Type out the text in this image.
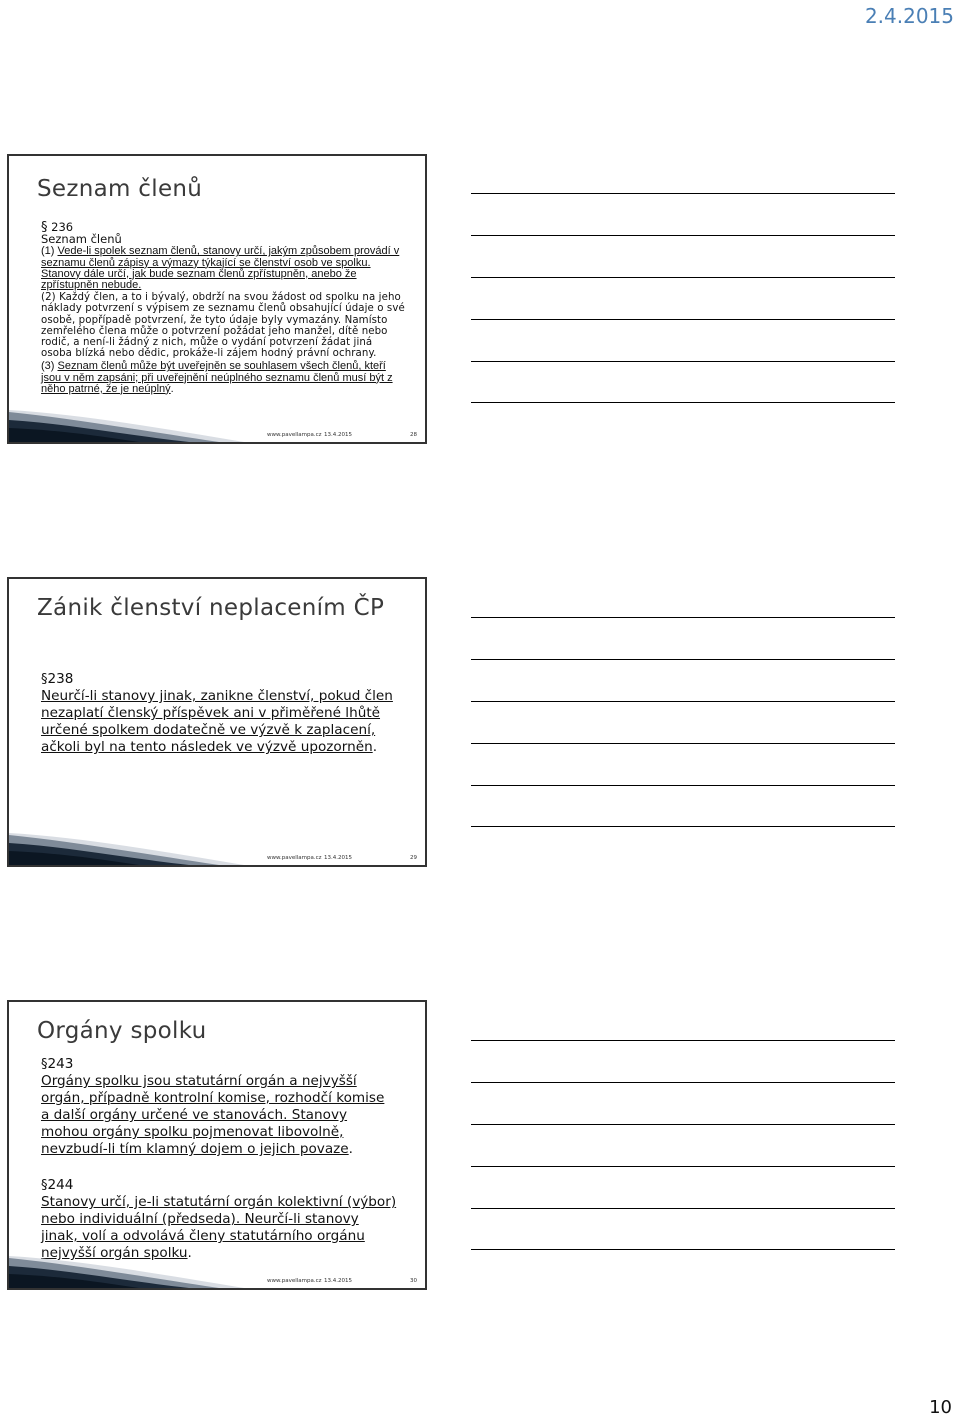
2.4.2015
Seznam členů

§ 236

Seznam členů

(1) Vede-li spolek seznam členů, stanovy určí, jakým způsobem provádí v seznamu členů zápisy a výmazy týkající se členství osob ve spolku. Stanovy dále určí, jak bude seznam členů zpřístupněn, anebo že zpřístupněn nebude.

(2) Každý člen, a to i bývalý, obdrží na svou žádost od spolku na jeho náklady potvrzení s výpisem ze seznamu členů obsahující údaje o své osobě, popřípadě potvrzení, že tyto údaje byly vymazány. Namísto zemřelého člena může o potvrzení požádat jeho manžel, dítě nebo rodič, a není-li žádný z nich, může o vydání potvrzení žádat jiná osoba blízká nebo dědic, prokáže-li zájem hodný právní ochrany.

(3) Seznam členů může být uveřejněn se souhlasem všech členů, kteří jsou v něm zapsáni; při uveřejnění neúplného seznamu členů musí být z něho patrné, že je neúplný.

www.pavellampa.cz 13.4.2015	28
Zánik členství neplacením ČP

§238

Neurčí-li stanovy jinak, zanikne členství, pokud člen nezaplatí členský příspěvek ani v přiměřené lhůtě určené spolkem dodatečně ve výzvě k zaplacení, ačkoli byl na tento následek ve výzvě upozorněn.

www.pavellampa.cz 13.4.2015	29
Orgány spolku

§243

Orgány spolku jsou statutární orgán a nejvyšší orgán, případně kontrolní komise, rozhodčí komise a další orgány určené ve stanovách. Stanovy mohou orgány spolku pojmenovat libovolně, nevzbudí-li tím klamný dojem o jejich povaze.

§244

Stanovy určí, je-li statutární orgán kolektivní (výbor) nebo individuální (předseda). Neurčí-li stanovy jinak, volí a odvolává členy statutárního orgánu nejvyšší orgán spolku.

www.pavellampa.cz 13.4.2015	30
10
